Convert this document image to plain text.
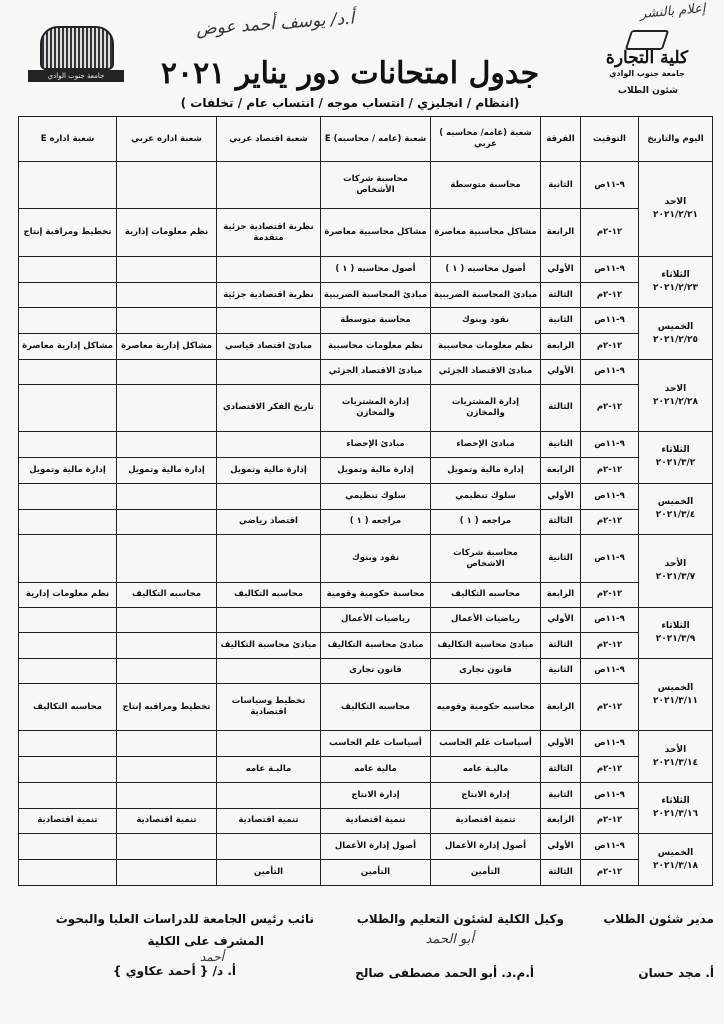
جامعة جنوب الوادي
أ.د/ يوسف أحمد عوض	إعلام بالنشر
كلية التجارة
جامعة جنوب الوادي
شئون الطلاب
جدول امتحانات دور يناير ٢٠٢١
(انتظام / انجليزي / انتساب موجه / انتساب عام / تخلفات )
اليوم والتاريخ	التوقيت	الفرقة	شعبة (عامه/ محاسبه ) عربي	شعبة (عامه / محاسبه) E	شعبة اقتصاد عربي	شعبة اداره عربي	شعبة اداره E

الاحد
٢٠٢١/٢/٢١	٩-١١ص	الثانية	محاسبة متوسطة	محاسبة شركات الأشخاص			
	١٢-٢م	الرابعة	مشاكل محاسبية معاصرة	مشاكل محاسبية معاصرة	نظرية اقتصادية جزئية متقدمة	نظم معلومات إدارية	تخطيط ومراقبة إنتاج

الثلاثاء
٢٠٢١/٢/٢٣	٩-١١ص	الأولي	أصول محاسبه ( ١ )	أصول محاسبه ( ١ )			
	١٢-٢م	الثالثة	مبادئ المحاسبة الضريبية	مبادئ المحاسبة الضريبية	نظرية اقتصادية جزئية		

الخميس
٢٠٢١/٢/٢٥	٩-١١ص	الثانية	نقود وبنوك	محاسبة متوسطة			
	١٢-٢م	الرابعة	نظم معلومات محاسبية	نظم معلومات محاسبية	مبادئ اقتصاد قياسي	مشاكل إدارية معاصرة	مشاكل إدارية معاصرة

الاحد
٢٠٢١/٢/٢٨	٩-١١ص	الأولي	مبادئ الاقتصاد الجزئي	مبادئ الاقتصاد الجزئي			
	١٢-٢م	الثالثة	إدارة المشتريات والمخازن	إدارة المشتريات والمخازن	تاريخ الفكر الاقتصادي		

الثلاثاء
٢٠٢١/٣/٢	٩-١١ص	الثانية	مبادئ الإحصاء	مبادئ الإحصاء			
	١٢-٢م	الرابعة	إدارة مالية وتمويل	إدارة مالية وتمويل	إدارة مالية وتمويل	إدارة مالية وتمويل	إدارة مالية وتمويل

الخميس
٢٠٢١/٣/٤	٩-١١ص	الأولي	سلوك تنظيمي	سلوك تنظيمي			
	١٢-٢م	الثالثة	مراجعه ( ١ )	مراجعه ( ١ )	اقتصاد رياضي		

الأحد
٢٠٢١/٣/٧	٩-١١ص	الثانية	محاسبة شركات الاشخاص	نقود وبنوك			
	١٢-٢م	الرابعة	محاسبه التكاليف	محاسبة حكومية وقومية	محاسبه التكاليف	محاسبه التكاليف	نظم معلومات إدارية

الثلاثاء
٢٠٢١/٣/٩	٩-١١ص	الأولي	رياضيات الأعمال	رياضيات الأعمال			
	١٢-٢م	الثالثة	مبادئ محاسبة التكاليف	مبادئ محاسبة التكاليف	مبادئ محاسبة التكاليف		

الخميس
٢٠٢١/٣/١١	٩-١١ص	الثانية	قانون تجارى	قانون تجارى			
	١٢-٢م	الرابعة	محاسبه حكومية وقوميه	محاسبه التكاليف	تخطيط وسياسات اقتصادية	تخطيط ومراقبه إنتاج	محاسبه التكاليف

الأحد
٢٠٢١/٣/١٤	٩-١١ص	الأولي	أسياسات علم الحاسب	أسياسات علم الحاسب			
	١٢-٢م	الثالثة	ماليـة عامه	مالية عامه	ماليـة عامه		

الثلاثاء
٢٠٢١/٣/١٦	٩-١١ص	الثانية	إدارة الانتاج	إدارة الانتاج			
	١٢-٢م	الرابعة	تنمية اقتصادية	تنمية اقتصادية	تنمية اقتصادية	تنمية اقتصادية	تنمية اقتصادية

الخميس
٢٠٢١/٣/١٨	٩-١١ص	الأولي	أصول إدارة الأعمال	أصول إدارة الأعمال			
	١٢-٢م	الثالثة	التأمين	التأمين	التأمين		
مدير شئون الطلاب
وكيل الكلية لشئون التعليم والطلاب
نائب رئيس الجامعة للدراسات العليا والبحوث
المشرف على الكلية	أبو الحمد
أحمد
أ. مجد حسان
أ.م.د. أبو الحمد مصطفى صالح
أ. د/ { أحمد عكاوي }
